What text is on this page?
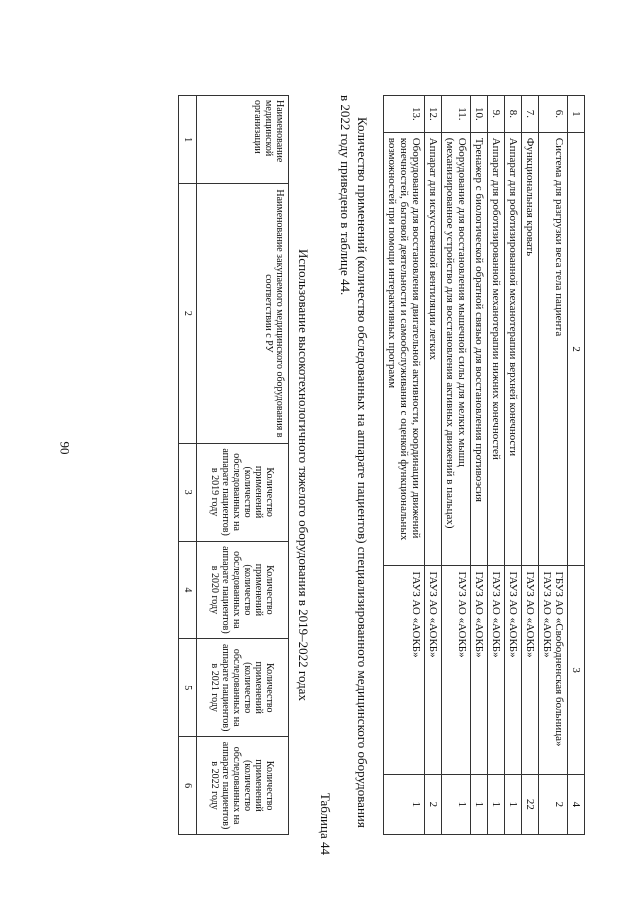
90
1	2	3	4
6.	Система для разгрузки веса тела пациента	ГБУЗ АО «Свободненская больница» ГАУЗ АО «АОКБ»	2
7.	Функциональная кровать	ГАУЗ АО «АОКБ»	22
8.	Аппарат для роботизированной механотерапии верхней конечности	ГАУЗ АО «АОКБ»	1
9.	Аппарат для роботизированной механотерапии нижних конечностей	ГАУЗ АО «АОКБ»	1
10.	Тренажер с биологической обратной связью для восстановления противоэсия	ГАУЗ АО «АОКБ»	1
11.	Оборудование для восстановления мышечной силы для мелких мышц (механизированное устройство для восстановления активных движений в пальцах)	ГАУЗ АО «АОКБ»	1
12.	Аппарат для искусственной вентиляции легких	ГАУЗ АО «АОКБ»	2
13.	Оборудование для восстановления двигательной активности, координации движений конечностей, бытовой деятельности и самообслуживания с оценкой функциональных возможностей при помощи интерактивных программ	ГАУЗ АО «АОКБ»	1

Количество применений (количество обследованных на аппарате пациентов) специализированного медицинского оборудования в 2022 году приведено в таблице 44.

Таблица 44

Использование высокотехнологичного тяжелого оборудования в 2019–2022 годах

Наименование медицинской организации	Наименование закупаемого медицинского оборудования в соответствии с РУ	Количество применений (количество обследованных на аппарате пациентов) в 2019 году	Количество применений (количество обследованных на аппарате пациентов) в 2020 году	Количество применений (количество обследованных на аппарате пациентов) в 2021 году	Количество применений (количество обследованных на аппарате пациентов) в 2022 году
1	2	3	4	5	6
